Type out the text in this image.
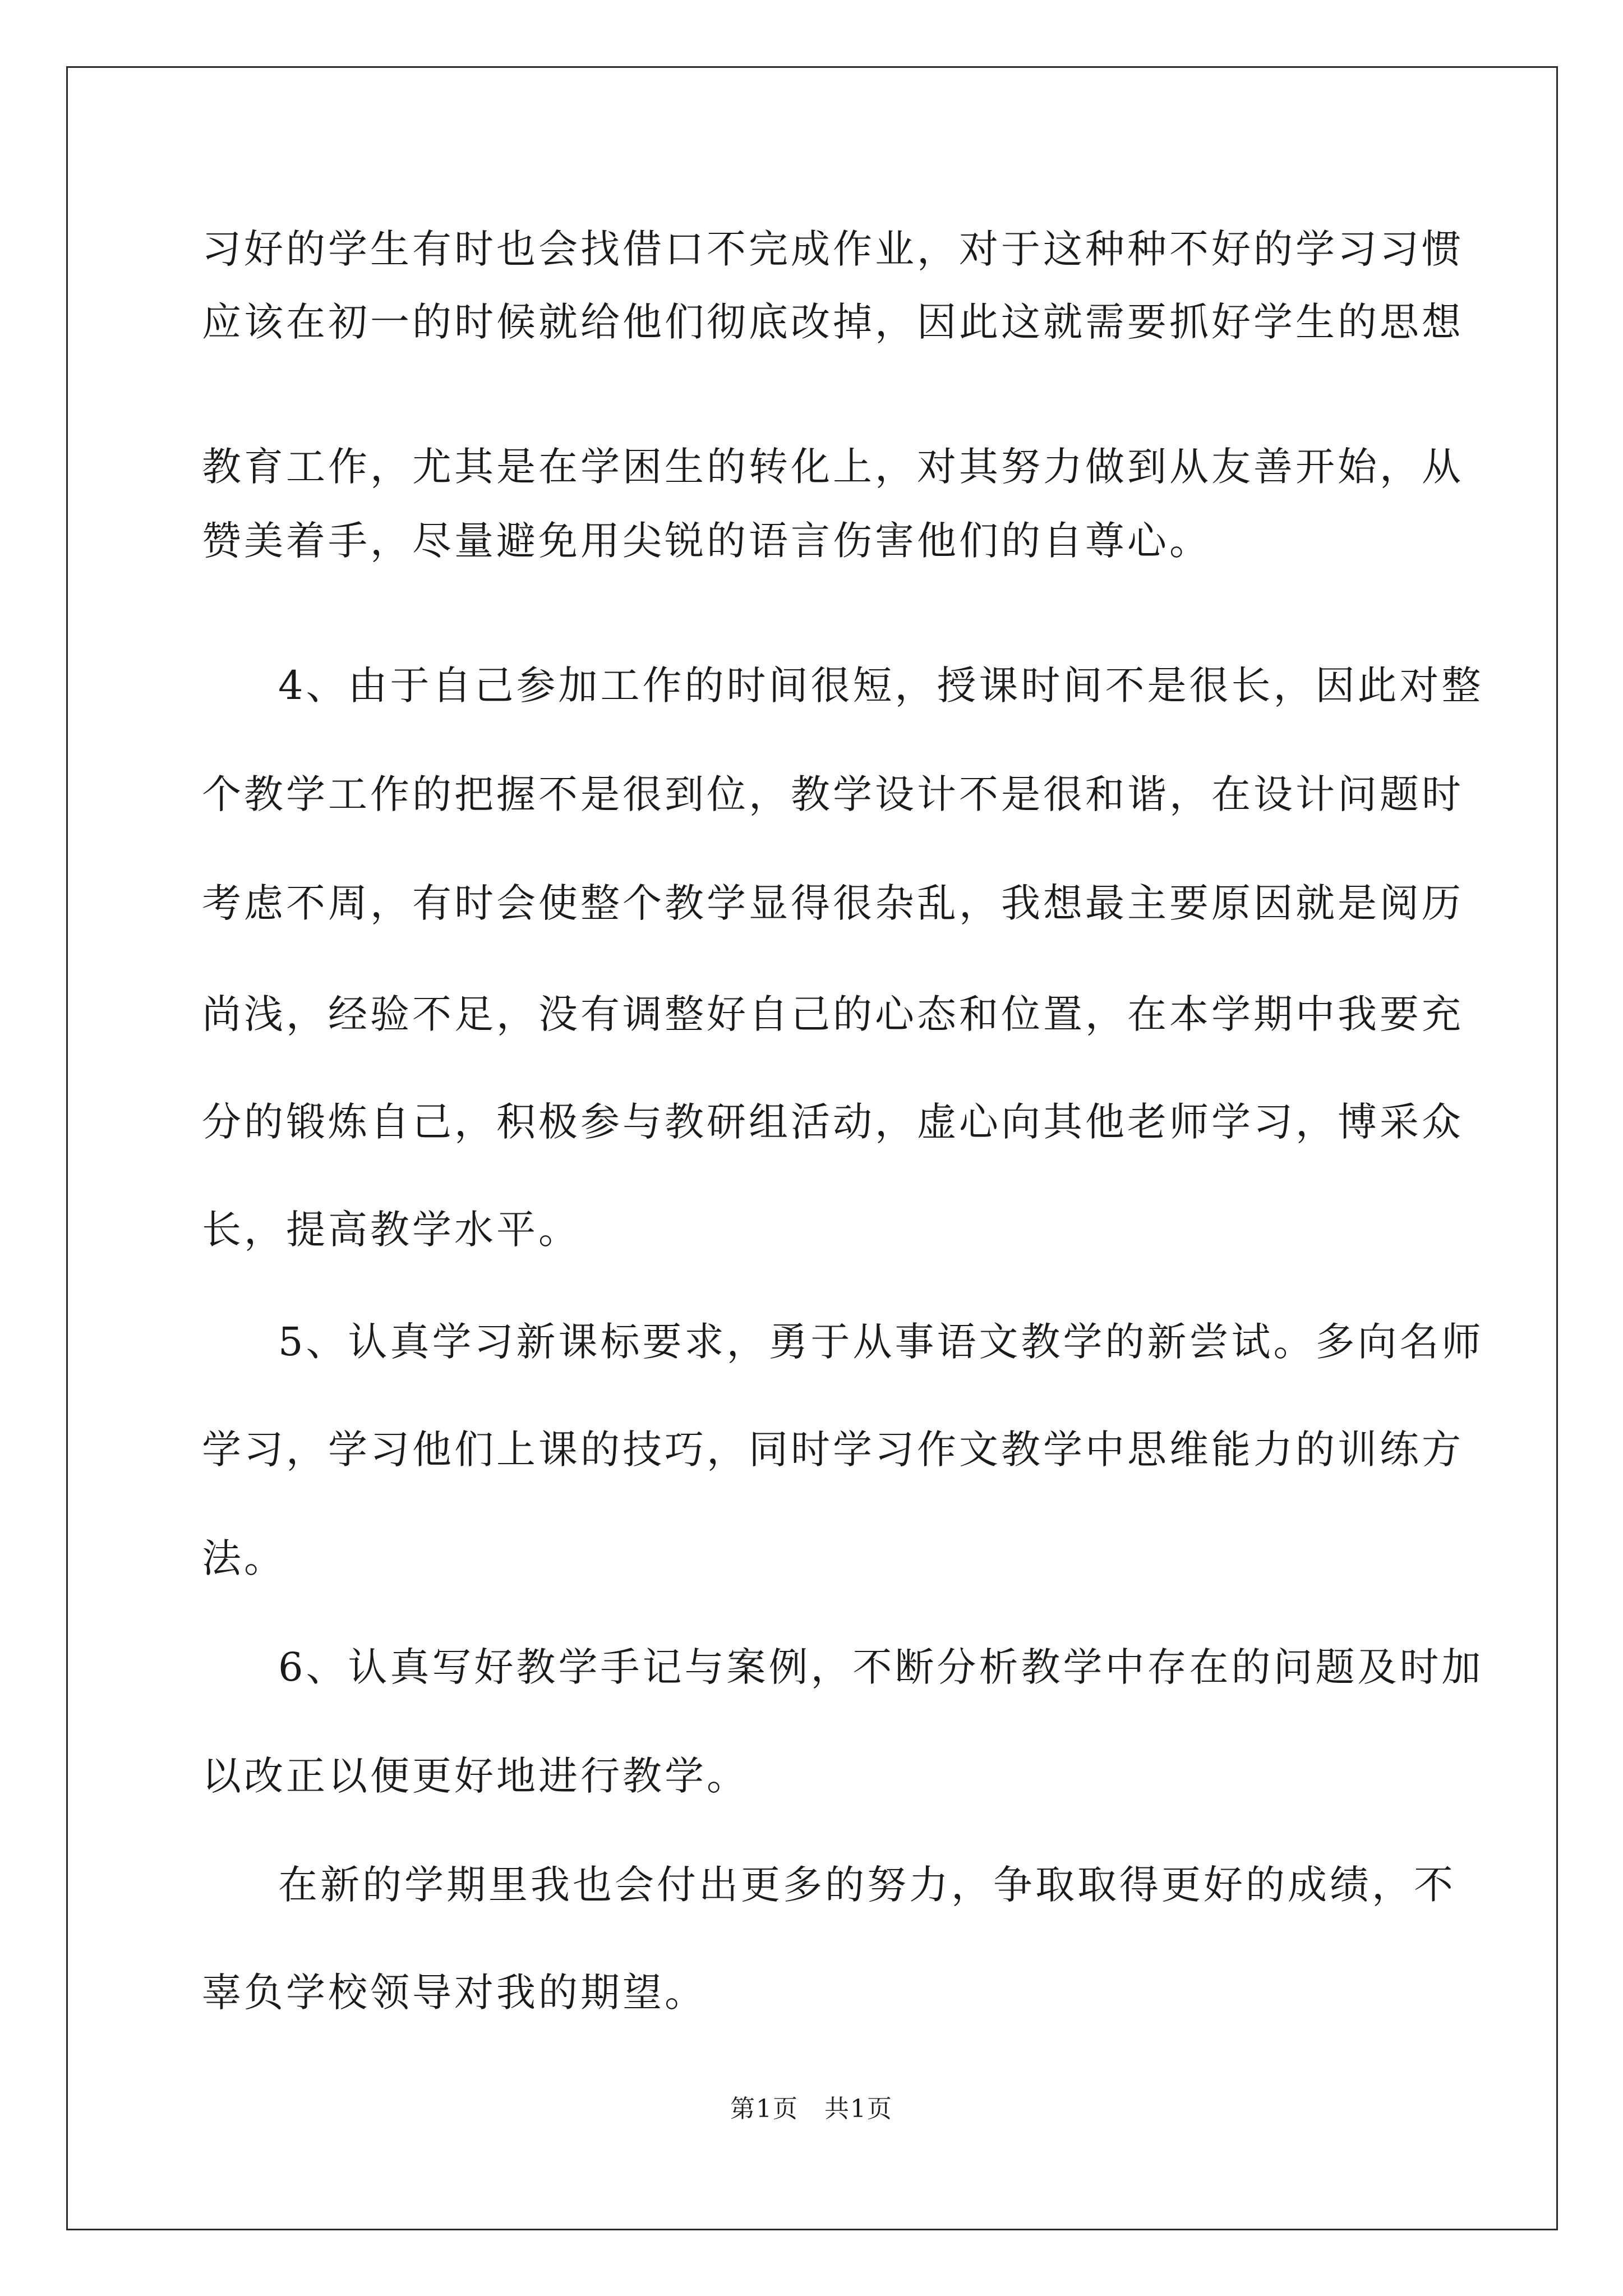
习好的学生有时也会找借口不完成作业，对于这种种不好的学习习惯
应该在初一的时候就给他们彻底改掉，因此这就需要抓好学生的思想
教育工作，尤其是在学困生的转化上，对其努力做到从友善开始，从
赞美着手，尽量避免用尖锐的语言伤害他们的自尊心。
4、由于自己参加工作的时间很短，授课时间不是很长，因此对整
个教学工作的把握不是很到位，教学设计不是很和谐，在设计问题时
考虑不周，有时会使整个教学显得很杂乱，我想最主要原因就是阅历
尚浅，经验不足，没有调整好自己的心态和位置，在本学期中我要充
分的锻炼自己，积极参与教研组活动，虚心向其他老师学习，博采众
长，提高教学水平。
5、认真学习新课标要求，勇于从事语文教学的新尝试。多向名师
学习，学习他们上课的技巧，同时学习作文教学中思维能力的训练方
法。
6、认真写好教学手记与案例，不断分析教学中存在的问题及时加
以改正以便更好地进行教学。
在新的学期里我也会付出更多的努力，争取取得更好的成绩，不
辜负学校领导对我的期望。
第1页　共1页
